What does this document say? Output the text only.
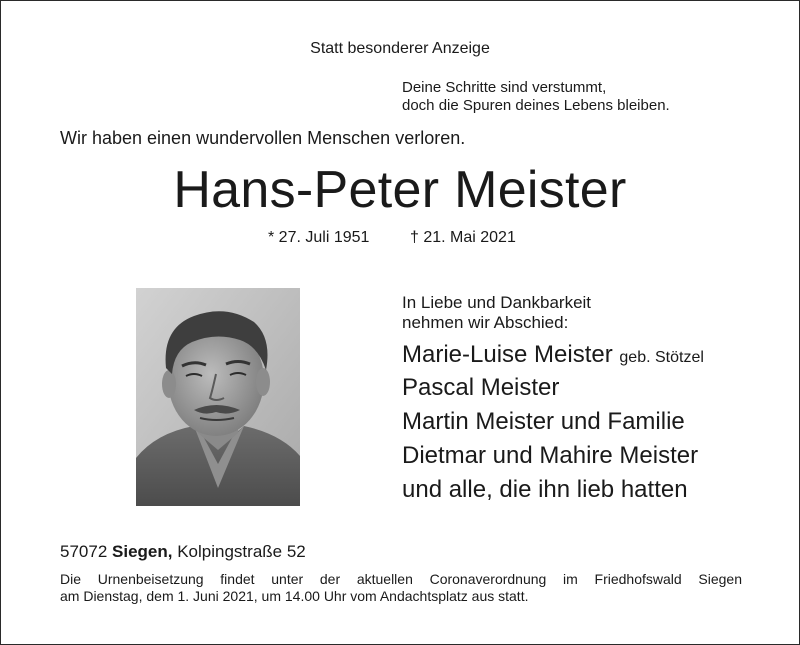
Statt besonderer Anzeige
Deine Schritte sind verstummt,
doch die Spuren deines Lebens bleiben.
Wir haben einen wundervollen Menschen verloren.
Hans-Peter Meister
* 27. Juli 1951	† 21. Mai 2021
In Liebe und Dankbarkeit
nehmen wir Abschied:
Marie-Luise Meister geb. Stötzel
Pascal Meister
Martin Meister und Familie
Dietmar und Mahire Meister
und alle, die ihn lieb hatten
57072 Siegen, Kolpingstraße 52
Die Urnenbeisetzung findet unter der aktuellen Coronaverordnung im Friedhofswald Siegen
am Dienstag, dem 1. Juni 2021, um 14.00 Uhr vom Andachtsplatz aus statt.
